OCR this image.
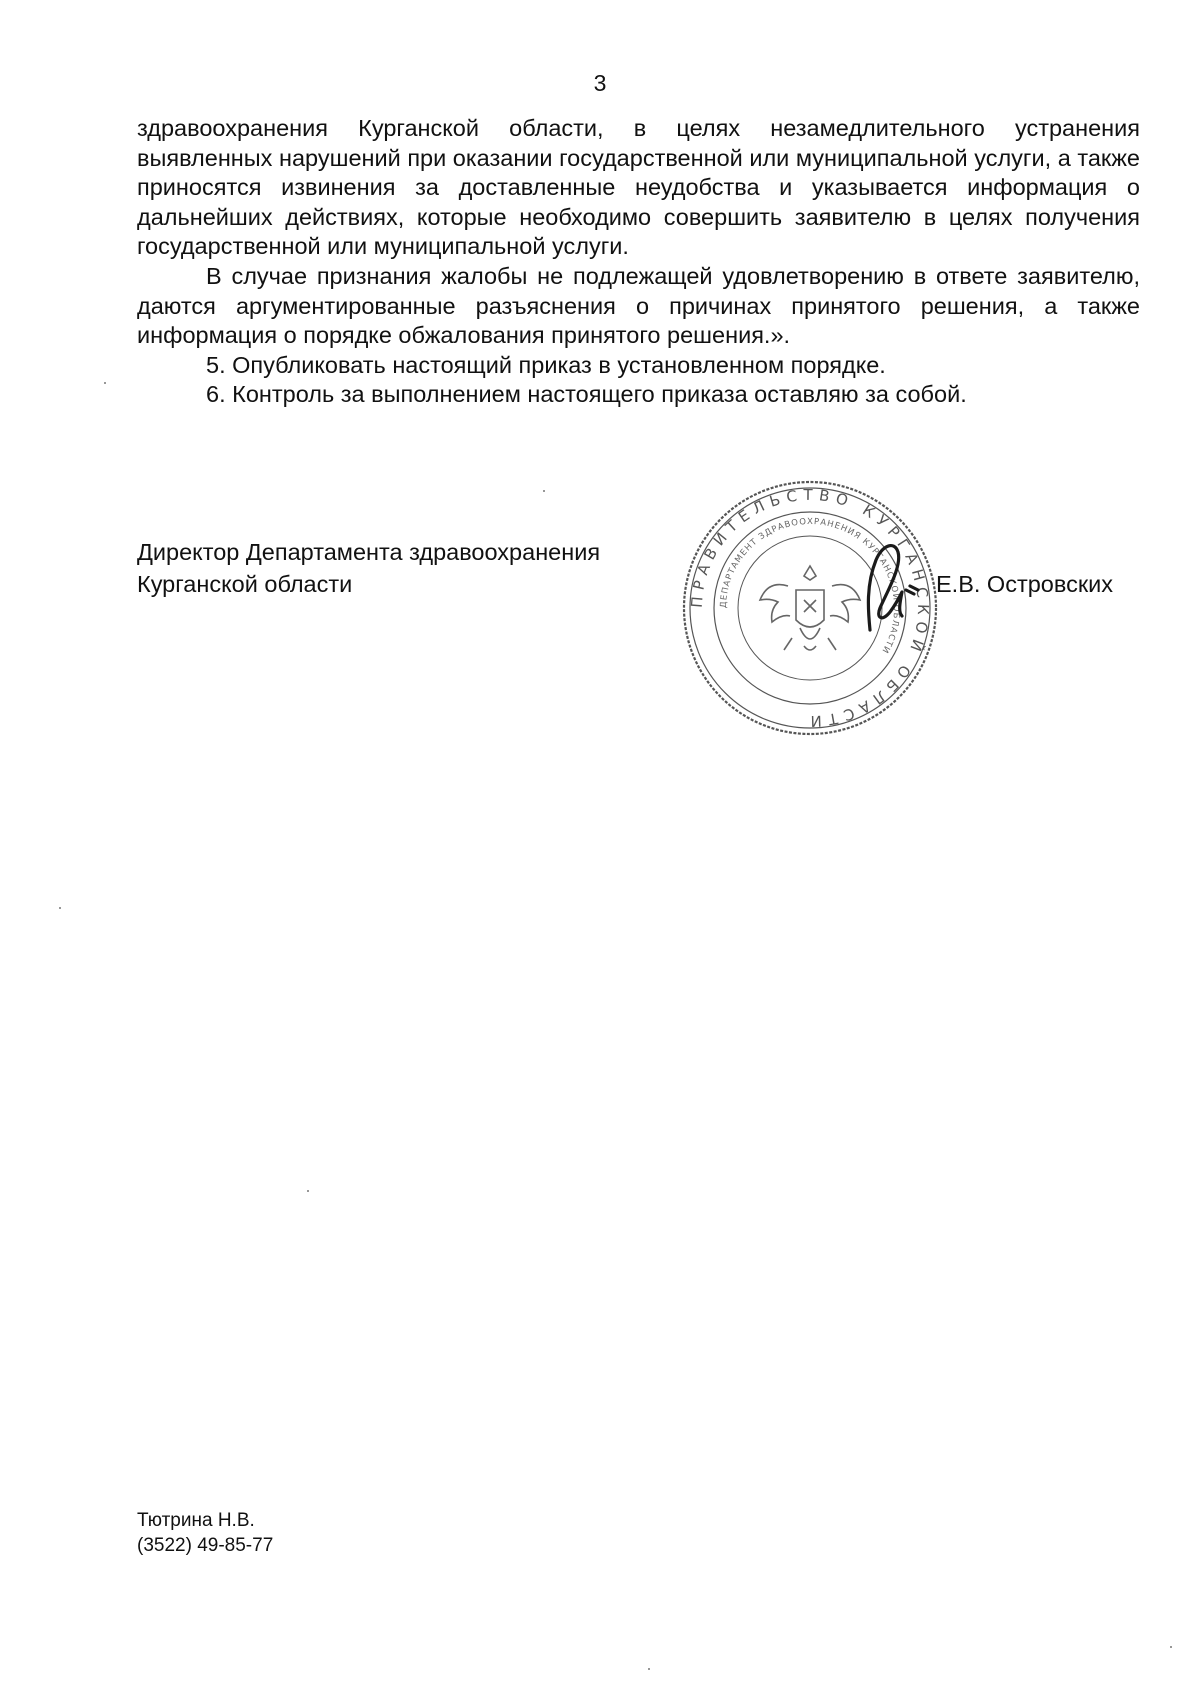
3

здравоохранения Курганской области, в целях незамедлительного устранения выявленных нарушений при оказании государственной или муниципальной услуги, а также приносятся извинения за доставленные неудобства и указывается информация о дальнейших действиях, которые необходимо совершить заявителю в целях получения государственной или муниципальной услуги.

В случае признания жалобы не подлежащей удовлетворению в ответе заявителю, даются аргументированные разъяснения о причинах принятого решения, а также информация о порядке обжалования принятого решения.».

5. Опубликовать настоящий приказ в установленном порядке.

6. Контроль за выполнением настоящего приказа оставляю за собой.

Директор Департамента здравоохранения
Курганской области
ПРАВИТЕЛЬСТВО КУРГАНСКОЙ ОБЛАСТИ
ДЕПАРТАМЕНТ ЗДРАВООХРАНЕНИЯ КУРГАНСКОЙ ОБЛАСТИ
Е.В. Островских
Тютрина Н.В.
(3522) 49-85-77
